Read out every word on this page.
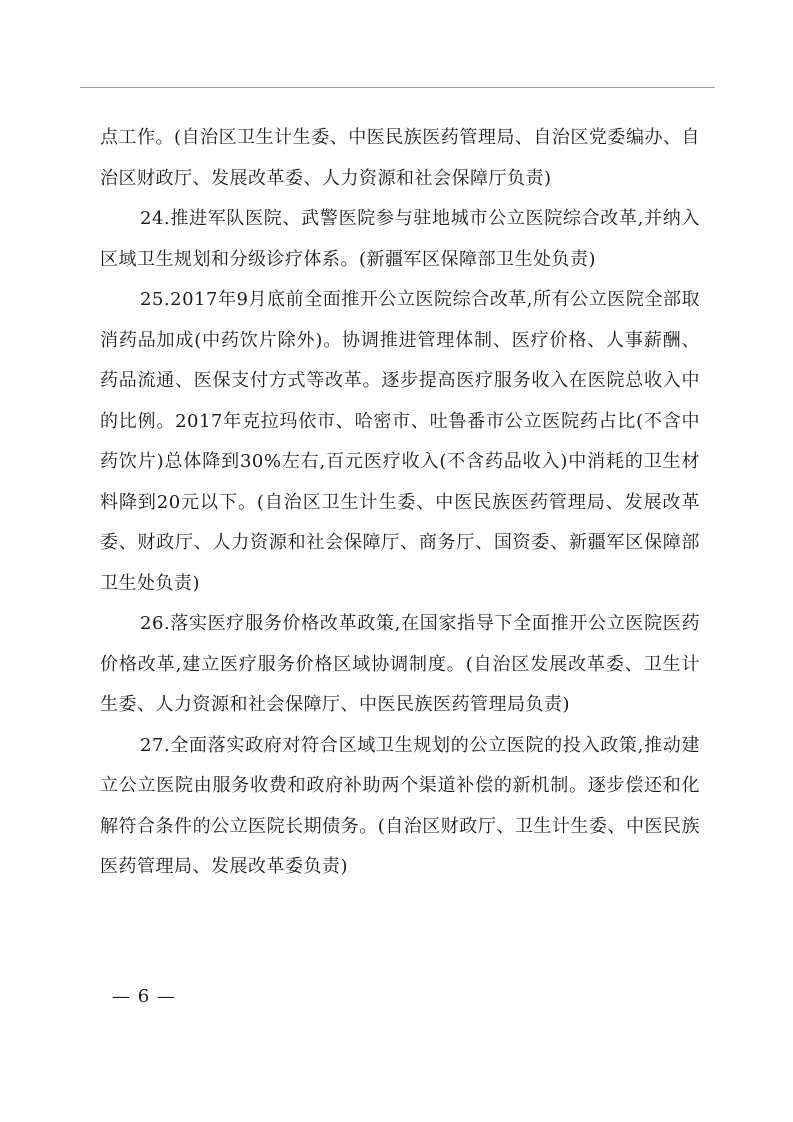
点工作。(自治区卫生计生委、中医民族医药管理局、自治区党委编办、自治区财政厅、发展改革委、人力资源和社会保障厅负责)

24.推进军队医院、武警医院参与驻地城市公立医院综合改革,并纳入区域卫生规划和分级诊疗体系。(新疆军区保障部卫生处负责)

25.2017年9月底前全面推开公立医院综合改革,所有公立医院全部取消药品加成(中药饮片除外)。协调推进管理体制、医疗价格、人事薪酬、药品流通、医保支付方式等改革。逐步提高医疗服务收入在医院总收入中的比例。2017年克拉玛依市、哈密市、吐鲁番市公立医院药占比(不含中药饮片)总体降到30%左右,百元医疗收入(不含药品收入)中消耗的卫生材料降到20元以下。(自治区卫生计生委、中医民族医药管理局、发展改革委、财政厅、人力资源和社会保障厅、商务厅、国资委、新疆军区保障部卫生处负责)

26.落实医疗服务价格改革政策,在国家指导下全面推开公立医院医药价格改革,建立医疗服务价格区域协调制度。(自治区发展改革委、卫生计生委、人力资源和社会保障厅、中医民族医药管理局负责)

27.全面落实政府对符合区域卫生规划的公立医院的投入政策,推动建立公立医院由服务收费和政府补助两个渠道补偿的新机制。逐步偿还和化解符合条件的公立医院长期债务。(自治区财政厅、卫生计生委、中医民族医药管理局、发展改革委负责)

— 6 —
